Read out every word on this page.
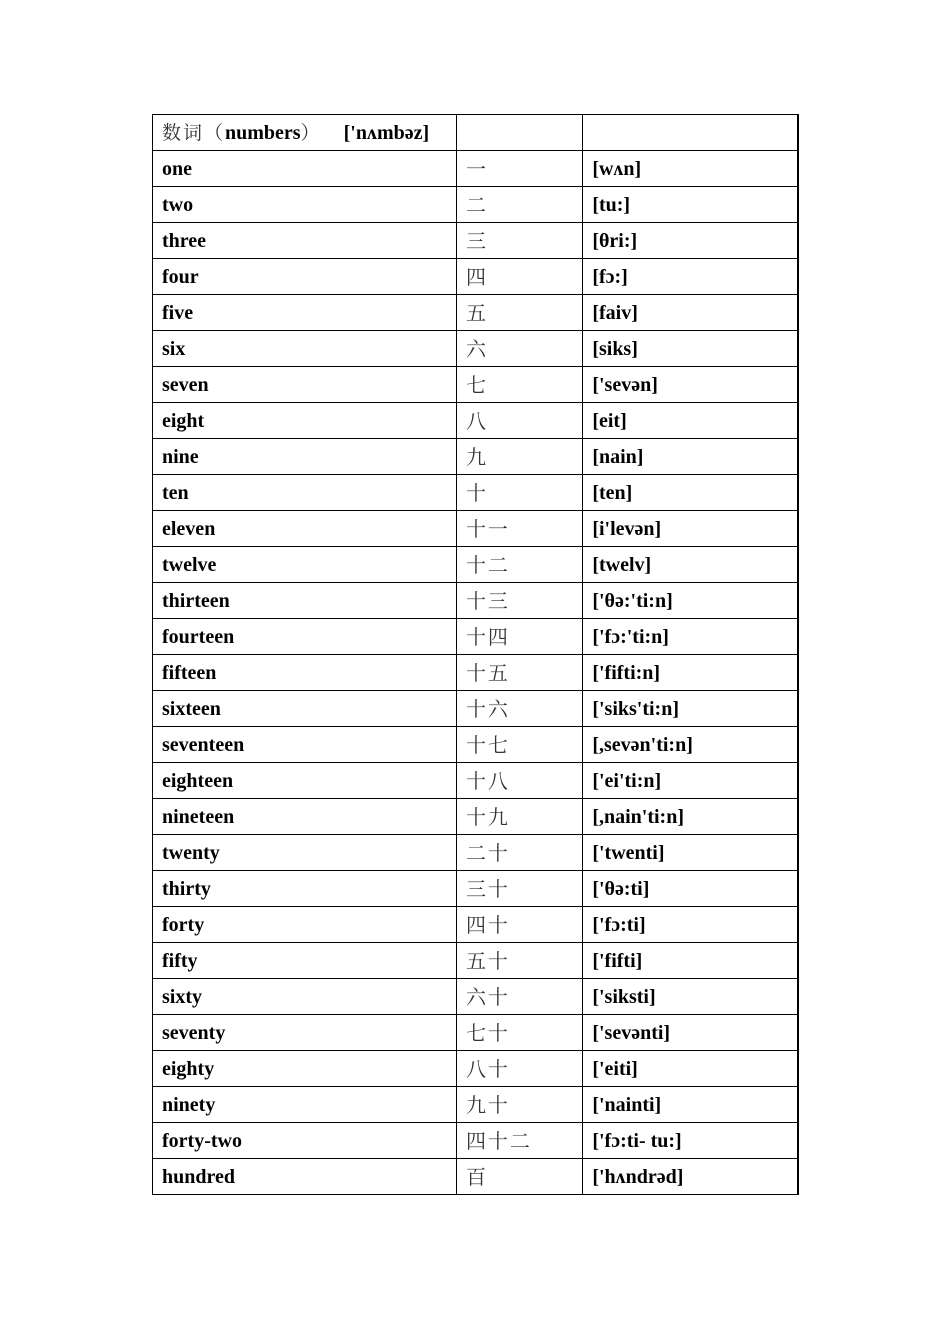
数词（numbers） ['nʌmbəz]		
one	一	[wʌn]
two	二	[tu:]
three	三	[θri:]
four	四	[fɔ:]
five	五	[faiv]
six	六	[siks]
seven	七	['sevən]
eight	八	[eit]
nine	九	[nain]
ten	十	[ten]
eleven	十一	[i'levən]
twelve	十二	[twelv]
thirteen	十三	['θə:'ti:n]
fourteen	十四	['fɔ:'ti:n]
fifteen	十五	['fifti:n]
sixteen	十六	['siks'ti:n]
seventeen	十七	[,sevən'ti:n]
eighteen	十八	['ei'ti:n]
nineteen	十九	[,nain'ti:n]
twenty	二十	['twenti]
thirty	三十	['θə:ti]
forty	四十	['fɔ:ti]
fifty	五十	['fifti]
sixty	六十	['siksti]
seventy	七十	['sevənti]
eighty	八十	['eiti]
ninety	九十	['nainti]
forty-two	四十二	['fɔ:ti- tu:]
hundred	百	['hʌndrəd]
